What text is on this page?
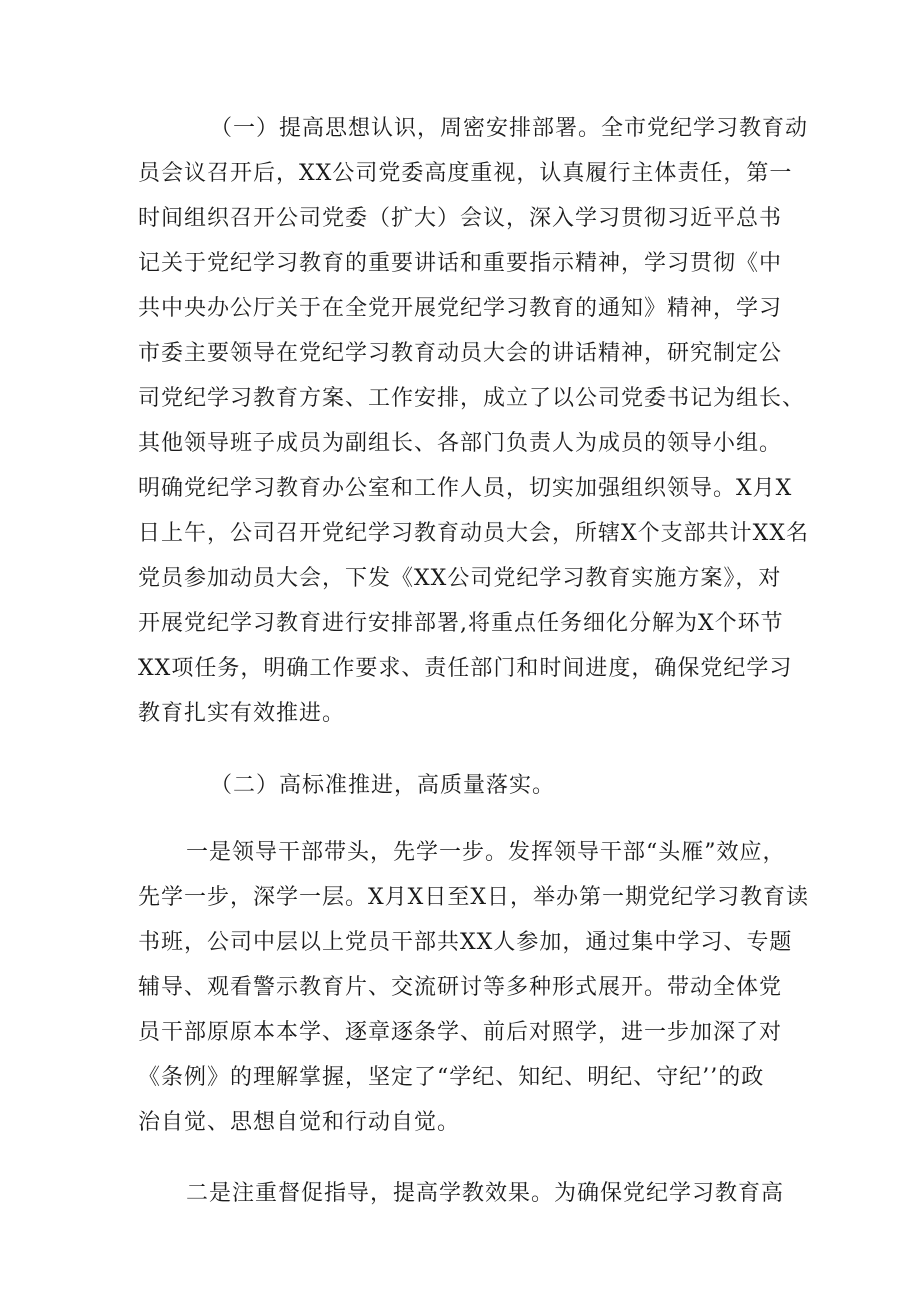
（一）提高思想认识，周密安排部署。全市党纪学习教育动
员会议召开后，XX公司党委高度重视，认真履行主体责任，第一
时间组织召开公司党委（扩大）会议，深入学习贯彻习近平总书
记关于党纪学习教育的重要讲话和重要指示精神，学习贯彻《中
共中央办公厅关于在全党开展党纪学习教育的通知》精神，学习
市委主要领导在党纪学习教育动员大会的讲话精神，研究制定公
司党纪学习教育方案、工作安排，成立了以公司党委书记为组长、
其他领导班子成员为副组长、各部门负责人为成员的领导小组。
明确党纪学习教育办公室和工作人员，切实加强组织领导。X月X
日上午，公司召开党纪学习教育动员大会，所辖X个支部共计XX名
党员参加动员大会，下发《XX公司党纪学习教育实施方案》，对
开展党纪学习教育进行安排部署,将重点任务细化分解为X个环节
XX项任务，明确工作要求、责任部门和时间进度，确保党纪学习
教育扎实有效推进。
（二）高标准推进，高质量落实。
一是领导干部带头，先学一步。发挥领导干部“头雁”效应，
先学一步，深学一层。X月X日至X日，举办第一期党纪学习教育读
书班，公司中层以上党员干部共XX人参加，通过集中学习、专题
辅导、观看警示教育片、交流研讨等多种形式展开。带动全体党
员干部原原本本学、逐章逐条学、前后对照学，进一步加深了对
《条例》的理解掌握，坚定了“学纪、知纪、明纪、守纪’’的政
治自觉、思想自觉和行动自觉。
二是注重督促指导，提高学教效果。为确保党纪学习教育高
